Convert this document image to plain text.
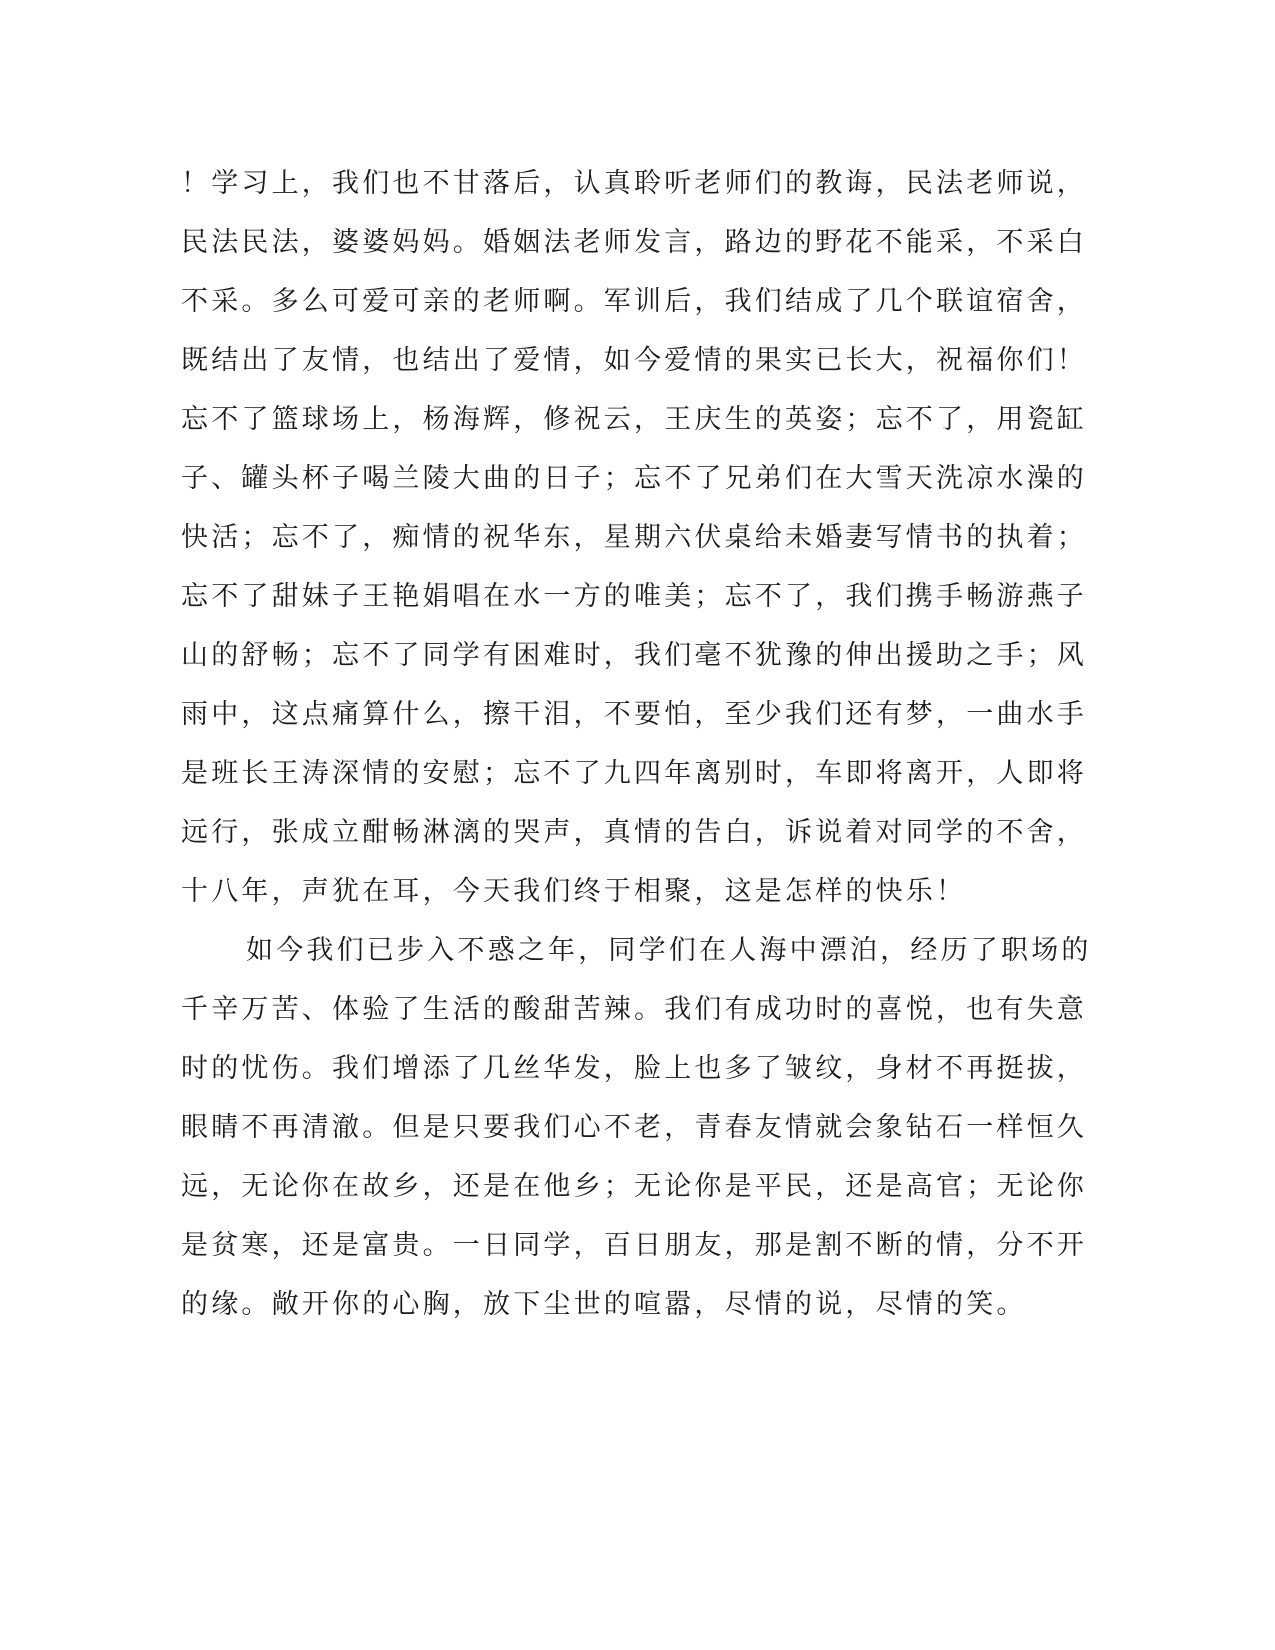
！学习上，我们也不甘落后，认真聆听老师们的教诲，民法老师说，
民法民法，婆婆妈妈。婚姻法老师发言，路边的野花不能采，不采白
不采。多么可爱可亲的老师啊。军训后，我们结成了几个联谊宿舍，
既结出了友情，也结出了爱情，如今爱情的果实已长大，祝福你们！
忘不了篮球场上，杨海辉，修祝云，王庆生的英姿；忘不了，用瓷缸
子、罐头杯子喝兰陵大曲的日子；忘不了兄弟们在大雪天洗凉水澡的
快活；忘不了，痴情的祝华东，星期六伏桌给未婚妻写情书的执着；
忘不了甜妹子王艳娟唱在水一方的唯美；忘不了，我们携手畅游燕子
山的舒畅；忘不了同学有困难时，我们毫不犹豫的伸出援助之手；风
雨中，这点痛算什么，擦干泪，不要怕，至少我们还有梦，一曲水手
是班长王涛深情的安慰；忘不了九四年离别时，车即将离开，人即将
远行，张成立酣畅淋漓的哭声，真情的告白，诉说着对同学的不舍，
十八年，声犹在耳，今天我们终于相聚，这是怎样的快乐！
如今我们已步入不惑之年，同学们在人海中漂泊，经历了职场的
千辛万苦、体验了生活的酸甜苦辣。我们有成功时的喜悦，也有失意
时的忧伤。我们增添了几丝华发，脸上也多了皱纹，身材不再挺拔，
眼睛不再清澈。但是只要我们心不老，青春友情就会象钻石一样恒久
远，无论你在故乡，还是在他乡；无论你是平民，还是高官；无论你
是贫寒，还是富贵。一日同学，百日朋友，那是割不断的情，分不开
的缘。敞开你的心胸，放下尘世的喧嚣，尽情的说，尽情的笑。
